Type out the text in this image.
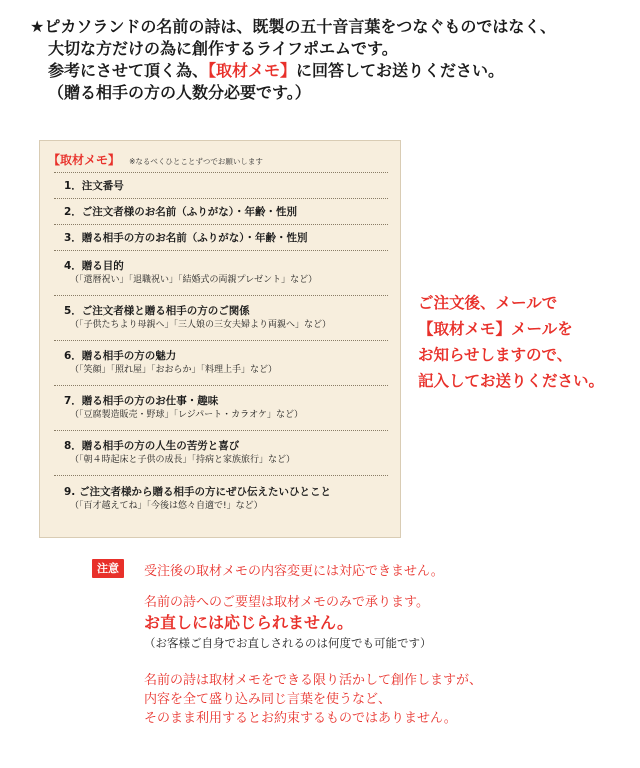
★ピカソランドの名前の詩は、既製の五十音言葉をつなぐものではなく、

大切な方だけの為に創作するライフポエムです。

参考にさせて頂く為、【取材メモ】に回答してお送りください。

（贈る相手の方の人数分必要です。）

【取材メモ】 ※なるべくひとことずつでお願いします
1．注文番号
2．ご注文者様のお名前（ふりがな）・年齢・性別
3．贈る相手の方のお名前（ふりがな）・年齢・性別
4．贈る目的
（「還暦祝い」「退職祝い」「結婚式の両親プレゼント」など）
5．ご注文者様と贈る相手の方のご関係
（「子供たちより母親へ」「三人娘の三女夫婦より両親へ」など）
6．贈る相手の方の魅力
（「笑顔」「照れ屋」「おおらか」「料理上手」など）
7．贈る相手の方のお仕事・趣味
（「豆腐製造販売・野球」「レジパート・カラオケ」など）
8．贈る相手の方の人生の苦労と喜び
（「朝４時起床と子供の成長」「持病と家族旅行」など）
9. ご注文者様から贈る相手の方にぜひ伝えたいひとこと
（「百才越えてね」「今後は悠々自適で!」など）

ご注文後、メールで

【取材メモ】メールを

お知らせしますので、

記入してお送りください。

注意	受注後の取材メモの内容変更には対応できません。
名前の詩へのご要望は取材メモのみで承ります。
お直しには応じられません。
（お客様ご自身でお直しされるのは何度でも可能です）
名前の詩は取材メモをできる限り活かして創作しますが、
内容を全て盛り込み同じ言葉を使うなど、
そのまま利用するとお約束するものではありません。
